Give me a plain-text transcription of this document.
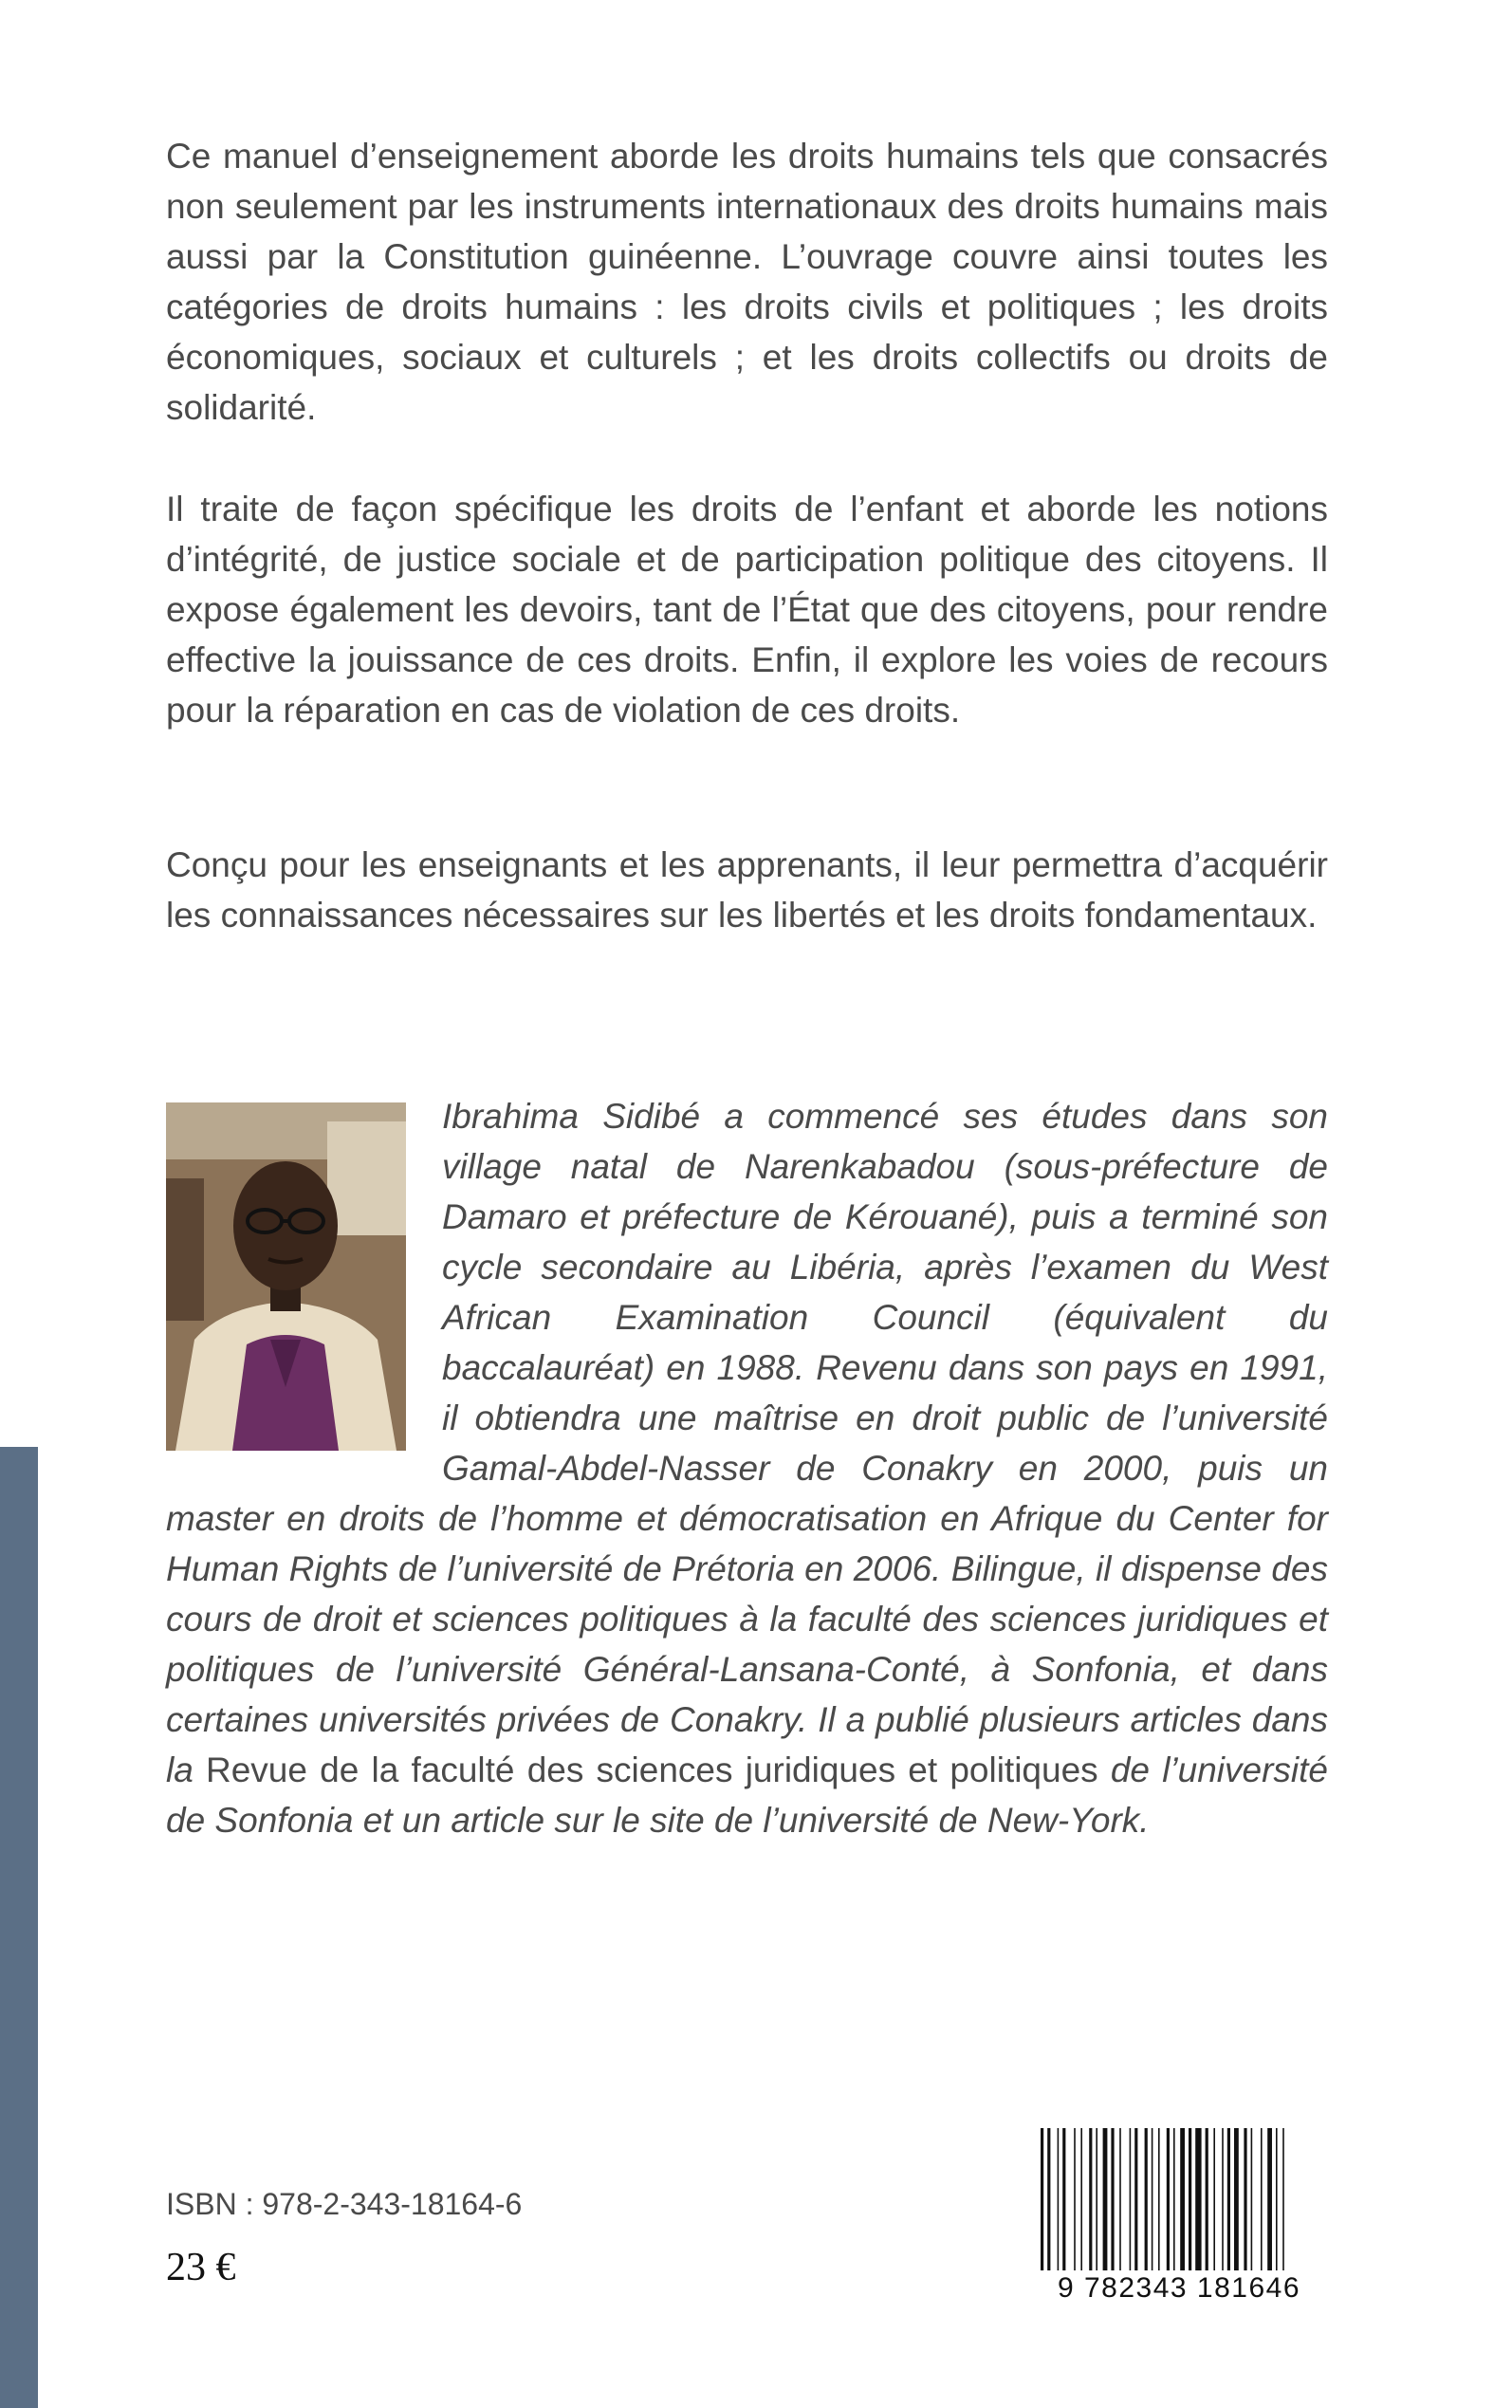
Ce manuel d’enseignement aborde les droits humains tels que consacrés non seulement par les instruments internationaux des droits humains mais aussi par la Constitution guinéenne. L’ouvrage couvre ainsi toutes les catégories de droits humains : les droits civils et politiques ; les droits économiques, sociaux et culturels ; et les droits collectifs ou droits de solidarité.

Il traite de façon spécifique les droits de l’enfant et aborde les notions d’intégrité, de justice sociale et de participation politique des citoyens. Il expose également les devoirs, tant de l’État que des citoyens, pour rendre effective la jouissance de ces droits. Enfin, il explore les voies de recours pour la réparation en cas de violation de ces droits.

Conçu pour les enseignants et les apprenants, il leur permettra d’acquérir les connaissances nécessaires sur les libertés et les droits fondamentaux.

Ibrahima Sidibé a commencé ses études dans son village natal de Narenkabadou (sous-préfecture de Damaro et préfecture de Kérouané), puis a terminé son cycle secondaire au Libéria, après l’examen du West African Examination Council (équivalent du baccalauréat) en 1988. Revenu dans son pays en 1991, il obtiendra une maîtrise en droit public de l’université Gamal-Abdel-Nasser de Conakry en 2000, puis un master en droits de l’homme et démocratisation en Afrique du Center for Human Rights de l’université de Prétoria en 2006. Bilingue, il dispense des cours de droit et sciences politiques à la faculté des sciences juridiques et politiques de l’université Général-Lansana-Conté, à Sonfonia, et dans certaines universités privées de Conakry. Il a publié plusieurs articles dans la Revue de la faculté des sciences juridiques et politiques de l’université de Sonfonia et un article sur le site de l’université de New-York.
ISBN : 978-2-343-18164-6
23 €	9 782343 181646
